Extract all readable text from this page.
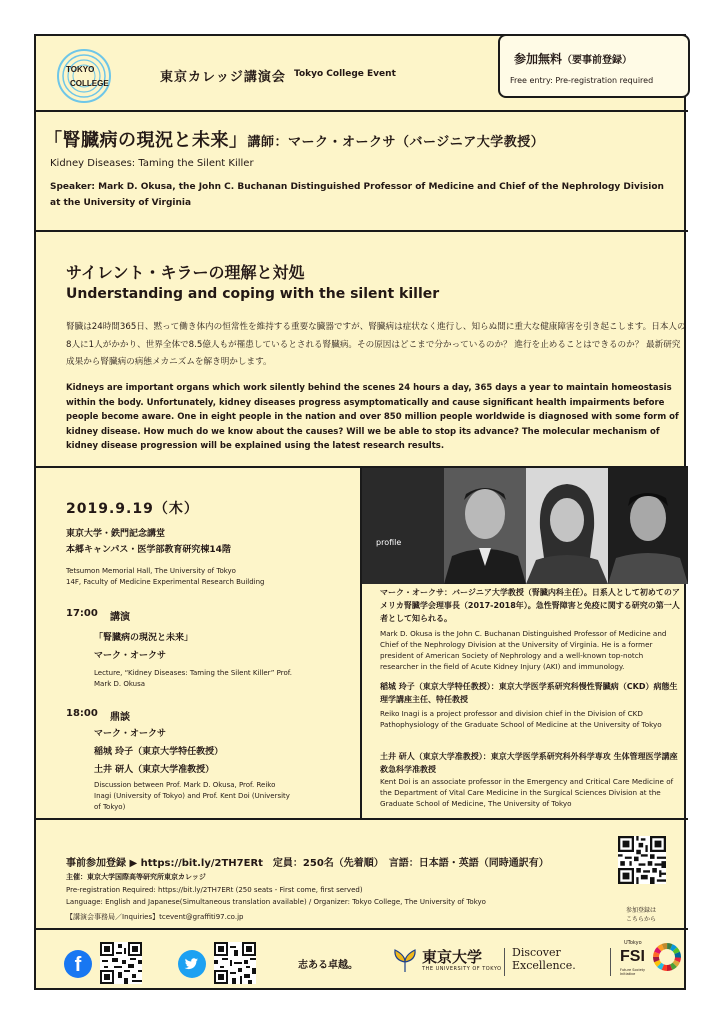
TOKYO
COLLEGE	東京カレッジ講演会 Tokyo College Event
参加無料（要事前登録）
Free entry: Pre-registration required
「腎臓病の現況と未来」講師：マーク・オークサ（バージニア大学教授）
Kidney Diseases: Taming the Silent Killer
Speaker: Mark D. Okusa, the John C. Buchanan Distinguished Professor of Medicine and Chief of the Nephrology Division at the University of Virginia
サイレント・キラーの理解と対処
Understanding and coping with the silent killer
腎臓は24時間365日、黙って働き体内の恒常性を維持する重要な臓器ですが、腎臓病は症状なく進行し、知らぬ間に重大な健康障害を引き起こします。日本人の8人に1人がかかり、世界全体で8.5億人もが罹患しているとされる腎臓病。その原因はどこまで分かっているのか？ 進行を止めることはできるのか？ 最新研究成果から腎臓病の病態メカニズムを解き明かします。
Kidneys are important organs which work silently behind the scenes 24 hours a day, 365 days a year to maintain homeostasis within the body. Unfortunately, kidney diseases progress asymptomatically and cause significant health impairments before people become aware. One in eight people in the nation and over 850 million people worldwide is diagnosed with some form of kidney disease. How much do we know about the causes? Will we be able to stop its advance? The molecular mechanism of kidney disease progression will be explained using the latest research results.
2019.9.19（木）
東京大学・鉄門記念講堂
本郷キャンパス・医学部教育研究棟14階
Tetsumon Memorial Hall, The University of Tokyo
14F, Faculty of Medicine Experimental Research Building
17:00 講演
「腎臓病の現況と未来」
マーク・オークサ
Lecture, “Kidney Diseases: Taming the Silent Killer” Prof. Mark D. Okusa
18:00 鼎談
マーク・オークサ
稲城 玲子（東京大学特任教授）
土井 研人（東京大学准教授）
Discussion between Prof. Mark D. Okusa, Prof. Reiko Inagi (University of Tokyo) and Prof. Kent Doi (University of Tokyo)
profile
マーク・オークサ：バージニア大学教授（腎臓内科主任）。日系人として初めてのアメリカ腎臓学会理事長（2017-2018年）。急性腎障害と免疫に関する研究の第一人者として知られる。
Mark D. Okusa is the John C. Buchanan Distinguished Professor of Medicine and Chief of the Nephrology Division at the University of Virginia. He is a former president of American Society of Nephrology and a well-known top-notch researcher in the field of Acute Kidney Injury (AKI) and immunology.
稲城 玲子（東京大学特任教授）：東京大学医学系研究科慢性腎臓病（CKD）病態生理学講座主任、特任教授
Reiko Inagi is a project professor and division chief in the Division of CKD Pathophysiology of the Graduate School of Medicine at the University of Tokyo
土井 研人（東京大学准教授）：東京大学医学系研究科外科学専攻 生体管理医学講座 救急科学准教授
Kent Doi is an associate professor in the Emergency and Critical Care Medicine of the Department of Vital Care Medicine in the Surgical Sciences Division at the Graduate School of Medicine, The University of Tokyo
事前参加登録 ▶ https://bit.ly/2TH7ERt　定員：250名（先着順）　言語：日本語・英語（同時通訳有）
主催：東京大学国際高等研究所東京カレッジ
Pre-registration Required: https://bit.ly/2TH7ERt (250 seats - First come, first served)
Language: English and Japanese(Simultaneous translation available) / Organizer: Tokyo College, The University of Tokyo
【講演会事務局／Inquiries】tcevent@graffiti97.co.jp
参加登録は
こちらから
f	志ある卓越。	東京大学
THE UNIVERSITY OF TOKYO
Discover
Excellence.
UTokyo
FSI
Future Society Initiative
